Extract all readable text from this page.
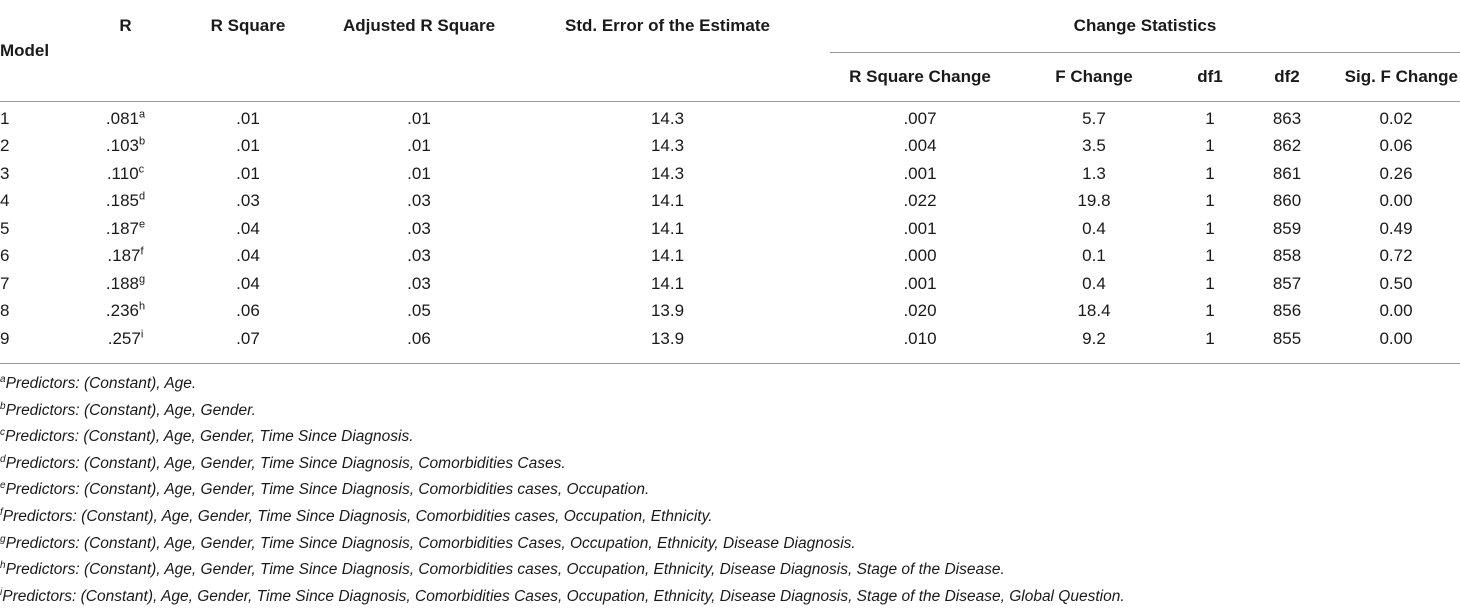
Model	R	R Square	Adjusted R Square	Std. Error of the Estimate	Change Statistics				
					R Square Change	F Change	df1	df2	Sig. F Change

1	.081$^a$	.01	.01	14.3	.007	5.7	1	863	0.02
2	.103$^b$	.01	.01	14.3	.004	3.5	1	862	0.06
3	.110$^c$	.01	.01	14.3	.001	1.3	1	861	0.26
4	.185$^d$	.03	.03	14.1	.022	19.8	1	860	0.00
5	.187e	.04	.03	14.1	.001	0.4	1	859	0.49
6	.187$^f$	.04	.03	14.1	.000	0.1	1	858	0.72
7	.188$^g$	.04	.03	14.1	.001	0.4	1	857	0.50
8	.236$^h$	.06	.05	13.9	.020	18.4	1	856	0.00
9	.257$^i$	.07	.06	13.9	.010	9.2	1	855	0.00

$^a$Predictors: (Constant), Age.
$^b$Predictors: (Constant), Age, Gender.
$^c$Predictors: (Constant), Age, Gender, Time Since Diagnosis.
$^d$Predictors: (Constant), Age, Gender, Time Since Diagnosis, Comorbidities Cases.
$^e$Predictors: (Constant), Age, Gender, Time Since Diagnosis, Comorbidities cases, Occupation.
$^f$Predictors: (Constant), Age, Gender, Time Since Diagnosis, Comorbidities cases, Occupation, Ethnicity.
$^g$Predictors: (Constant), Age, Gender, Time Since Diagnosis, Comorbidities Cases, Occupation, Ethnicity, Disease Diagnosis.
$^h$Predictors: (Constant), Age, Gender, Time Since Diagnosis, Comorbidities cases, Occupation, Ethnicity, Disease Diagnosis, Stage of the Disease.
$^i$Predictors: (Constant), Age, Gender, Time Since Diagnosis, Comorbidities Cases, Occupation, Ethnicity, Disease Diagnosis, Stage of the Disease, Global Question.
